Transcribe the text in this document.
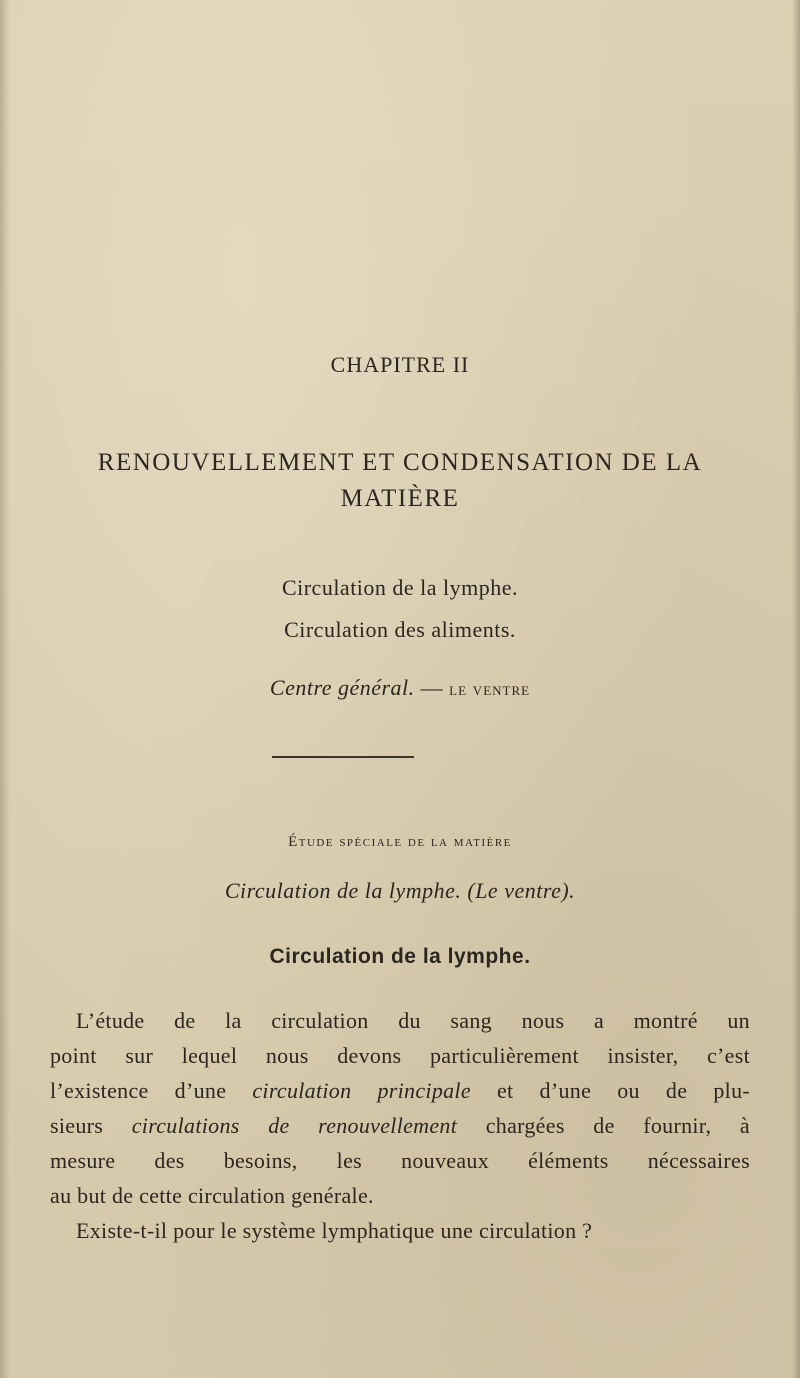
CHAPITRE II
RENOUVELLEMENT ET CONDENSATION DE LA MATIÈRE
Circulation de la lymphe.
Circulation des aliments.
Centre général. — le ventre
Étude spéciale de la matière
Circulation de la lymphe. (Le ventre).
Circulation de la lymphe.
L’étude de la circulation du sang nous a montré un
point sur lequel nous devons particulièrement insister, c’est
l’existence d’une circulation principale et d’une ou de plu-
sieurs circulations de renouvellement chargées de fournir, à
mesure des besoins, les nouveaux éléments nécessaires
au but de cette circulation genérale.
Existe-t-il pour le système lymphatique une circulation ?
